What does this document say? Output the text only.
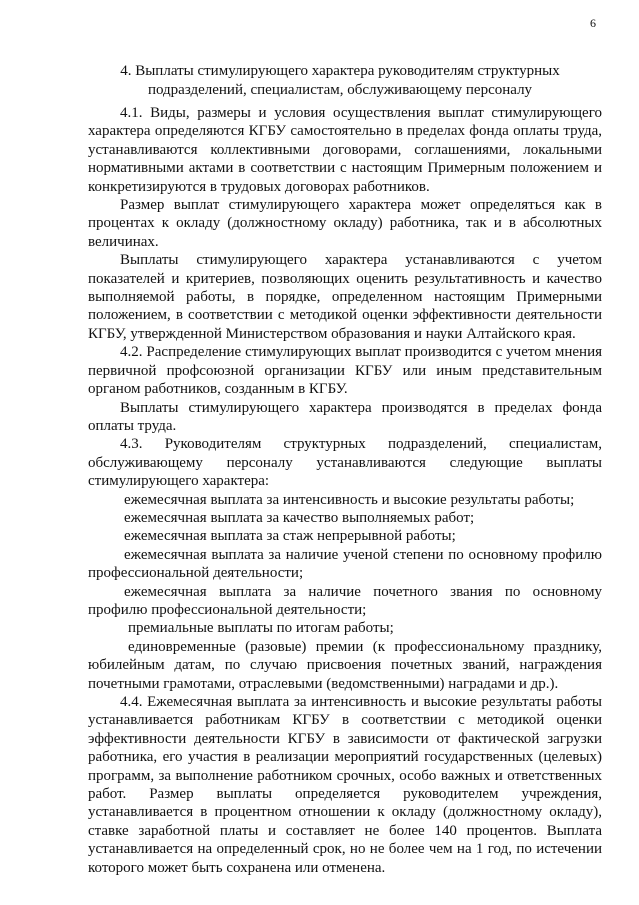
6
4. Выплаты стимулирующего характера руководителям структурных подразделений, специалистам, обслуживающему персоналу

4.1. Виды, размеры и условия осуществления выплат стимулирующего характера определяются КГБУ самостоятельно в пределах фонда оплаты труда, устанавливаются коллективными договорами, соглашениями, локальными нормативными актами в соответствии с настоящим Примерным положением и конкретизируются в трудовых договорах работников.

Размер выплат стимулирующего характера может определяться как в процентах к окладу (должностному окладу) работника, так и в абсолютных величинах.

Выплаты стимулирующего характера устанавливаются с учетом показателей и критериев, позволяющих оценить результативность и качество выполняемой работы, в порядке, определенном настоящим Примерными положением, в соответствии с методикой оценки эффективности деятельности КГБУ, утвержденной Министерством образования и науки Алтайского края.

4.2. Распределение стимулирующих выплат производится с учетом мнения первичной профсоюзной организации КГБУ или иным представительным органом работников, созданным в КГБУ.

Выплаты стимулирующего характера производятся в пределах фонда оплаты труда.

4.3. Руководителям структурных подразделений, специалистам, обслуживающему персоналу устанавливаются следующие выплаты стимулирующего характера:

ежемесячная выплата за интенсивность и высокие результаты работы;

ежемесячная выплата за качество выполняемых работ;

ежемесячная выплата за стаж непрерывной работы;

ежемесячная выплата за наличие ученой степени по основному профилю профессиональной деятельности;

ежемесячная выплата за наличие почетного звания по основному профилю профессиональной деятельности;

премиальные выплаты по итогам работы;

единовременные (разовые) премии (к профессиональному празднику, юбилейным датам, по случаю присвоения почетных званий, награждения почетными грамотами, отраслевыми (ведомственными) наградами и др.).

4.4. Ежемесячная выплата за интенсивность и высокие результаты работы устанавливается работникам КГБУ в соответствии с методикой оценки эффективности деятельности КГБУ в зависимости от фактической загрузки работника, его участия в реализации мероприятий государственных (целевых) программ, за выполнение работником срочных, особо важных и ответственных работ. Размер выплаты определяется руководителем учреждения, устанавливается в процентном отношении к окладу (должностному окладу), ставке заработной платы и составляет не более 140 процентов. Выплата устанавливается на определенный срок, но не более чем на 1 год, по истечении которого может быть сохранена или отменена.
